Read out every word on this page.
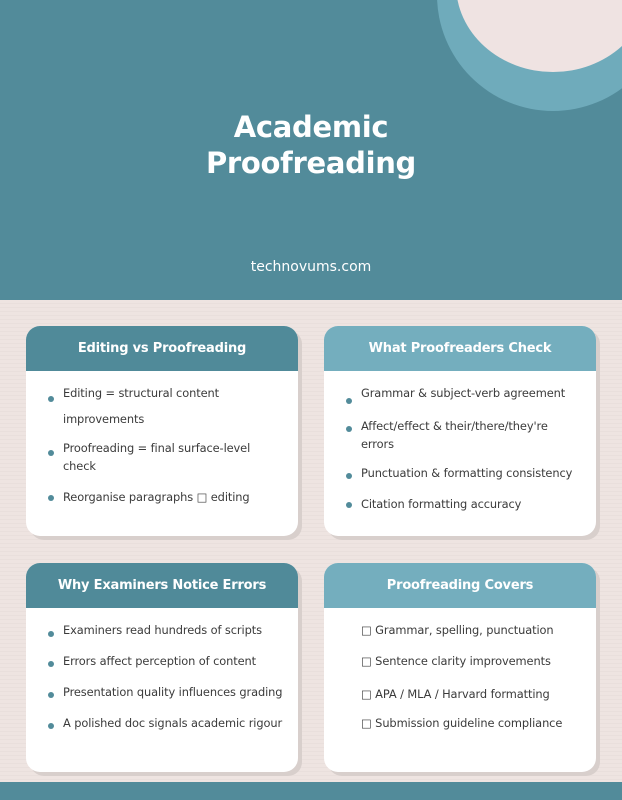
Academic
Proofreading
technovums.com
Editing vs Proofreading
Editing = structural content improvements
Proofreading = final surface-level check
Reorganise paragraphs □ editing
What Proofreaders Check
Grammar & subject-verb agreement
Affect/effect & their/there/they're errors
Punctuation & formatting consistency
Citation formatting accuracy
Why Examiners Notice Errors
Examiners read hundreds of scripts
Errors affect perception of content
Presentation quality influences grading
A polished doc signals academic rigour
Proofreading Covers
□ Grammar, spelling, punctuation
□ Sentence clarity improvements
□ APA / MLA / Harvard formatting
□ Submission guideline compliance
